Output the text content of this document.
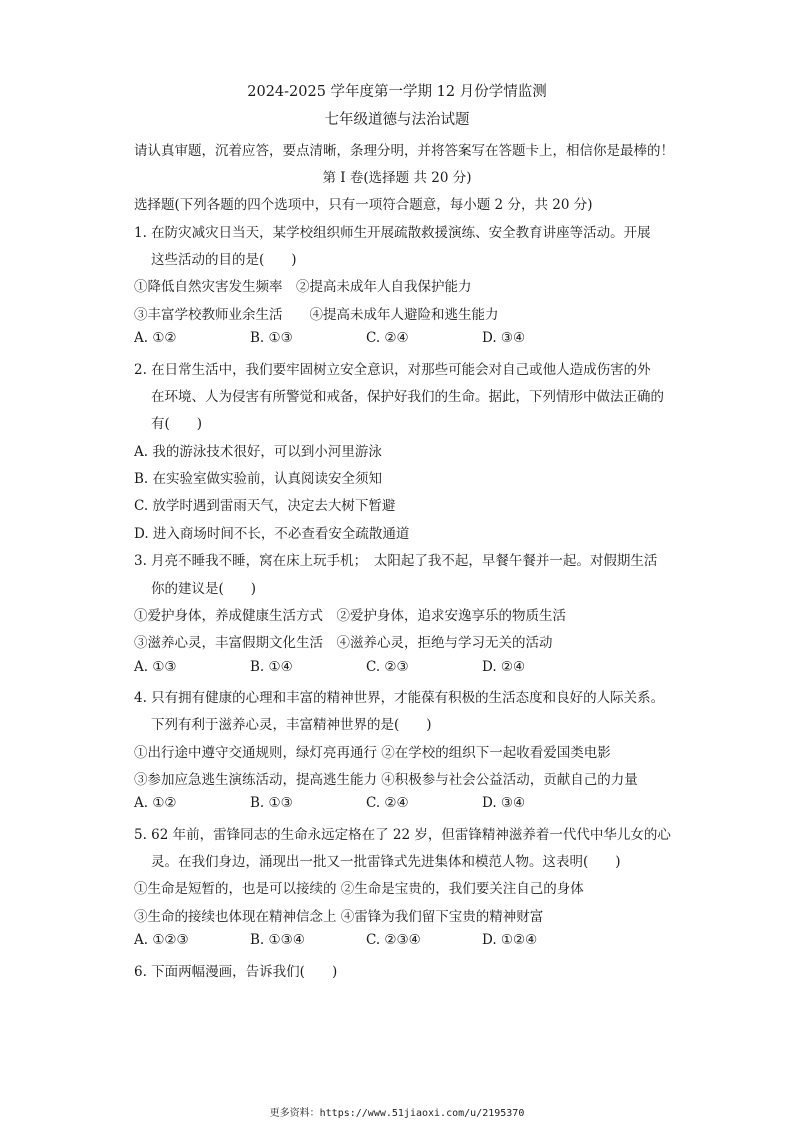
2024-2025 学年度第一学期 12 月份学情监测
七年级道德与法治试题
请认真审题，沉着应答，要点清晰，条理分明，并将答案写在答题卡上，相信你是最棒的！
第 I 卷(选择题 共 20 分)
选择题(下列各题的四个选项中，只有一项符合题意，每小题 2 分，共 20 分)
1. 在防灾减灾日当天，某学校组织师生开展疏散救援演练、安全教育讲座等活动。开展
这些活动的目的是(　　)
①降低自然灾害发生频率　②提高未成年人自我保护能力
③丰富学校教师业余生活　　④提高未成年人避险和逃生能力
A. ①②	B. ①③	C. ②④	D. ③④
2. 在日常生活中，我们要牢固树立安全意识，对那些可能会对自己或他人造成伤害的外
在环境、人为侵害有所警觉和戒备，保护好我们的生命。据此，下列情形中做法正确的
有(　　)
A. 我的游泳技术很好，可以到小河里游泳
B. 在实验室做实验前，认真阅读安全须知
C. 放学时遇到雷雨天气，决定去大树下暂避
D. 进入商场时间不长，不必查看安全疏散通道
3. 月亮不睡我不睡，窝在床上玩手机；　太阳起了我不起，早餐午餐并一起。对假期生活
你的建议是(　　)
①爱护身体，养成健康生活方式　②爱护身体，追求安逸享乐的物质生活
③滋养心灵，丰富假期文化生活　④滋养心灵，拒绝与学习无关的活动
A. ①③	B. ①④	C. ②③	D. ②④
4. 只有拥有健康的心理和丰富的精神世界，才能葆有积极的生活态度和良好的人际关系。
下列有利于滋养心灵，丰富精神世界的是(　　)
①出行途中遵守交通规则，绿灯亮再通行 ②在学校的组织下一起收看爱国类电影
③参加应急逃生演练活动，提高逃生能力 ④积极参与社会公益活动，贡献自己的力量
A. ①②	B. ①③	C. ②④	D. ③④
5. 62 年前，雷锋同志的生命永远定格在了 22 岁，但雷锋精神滋养着一代代中华儿女的心
灵。在我们身边，涌现出一批又一批雷锋式先进集体和模范人物。这表明(　　)
①生命是短暂的，也是可以接续的 ②生命是宝贵的，我们要关注自己的身体
③生命的接续也体现在精神信念上 ④雷锋为我们留下宝贵的精神财富
A. ①②③	B. ①③④	C. ②③④	D. ①②④
6. 下面两幅漫画，告诉我们(　　)
更多资料：https://www.51jiaoxi.com/u/2195370
